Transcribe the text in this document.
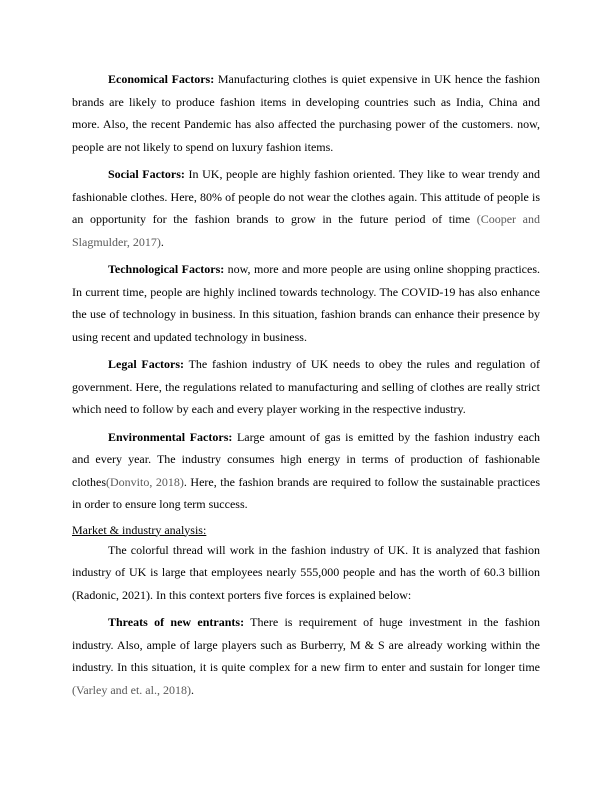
Economical Factors: Manufacturing clothes is quiet expensive in UK hence the fashion brands are likely to produce fashion items in developing countries such as India, China and more. Also, the recent Pandemic has also affected the purchasing power of the customers. now, people are not likely to spend on luxury fashion items.

Social Factors: In UK, people are highly fashion oriented. They like to wear trendy and fashionable clothes. Here, 80% of people do not wear the clothes again. This attitude of people is an opportunity for the fashion brands to grow in the future period of time (Cooper and Slagmulder, 2017).

Technological Factors: now, more and more people are using online shopping practices. In current time, people are highly inclined towards technology. The COVID-19 has also enhance the use of technology in business. In this situation, fashion brands can enhance their presence by using recent and updated technology in business.

Legal Factors: The fashion industry of UK needs to obey the rules and regulation of government. Here, the regulations related to manufacturing and selling of clothes are really strict which need to follow by each and every player working in the respective industry.

Environmental Factors: Large amount of gas is emitted by the fashion industry each and every year. The industry consumes high energy in terms of production of fashionable clothes(Donvito, 2018). Here, the fashion brands are required to follow the sustainable practices in order to ensure long term success.

Market & industry analysis:

The colorful thread will work in the fashion industry of UK. It is analyzed that fashion industry of UK is large that employees nearly 555,000 people and has the worth of 60.3 billion (Radonic, 2021). In this context porters five forces is explained below:

Threats of new entrants: There is requirement of huge investment in the fashion industry. Also, ample of large players such as Burberry, M & S are already working within the industry. In this situation, it is quite complex for a new firm to enter and sustain for longer time (Varley and et. al., 2018).
